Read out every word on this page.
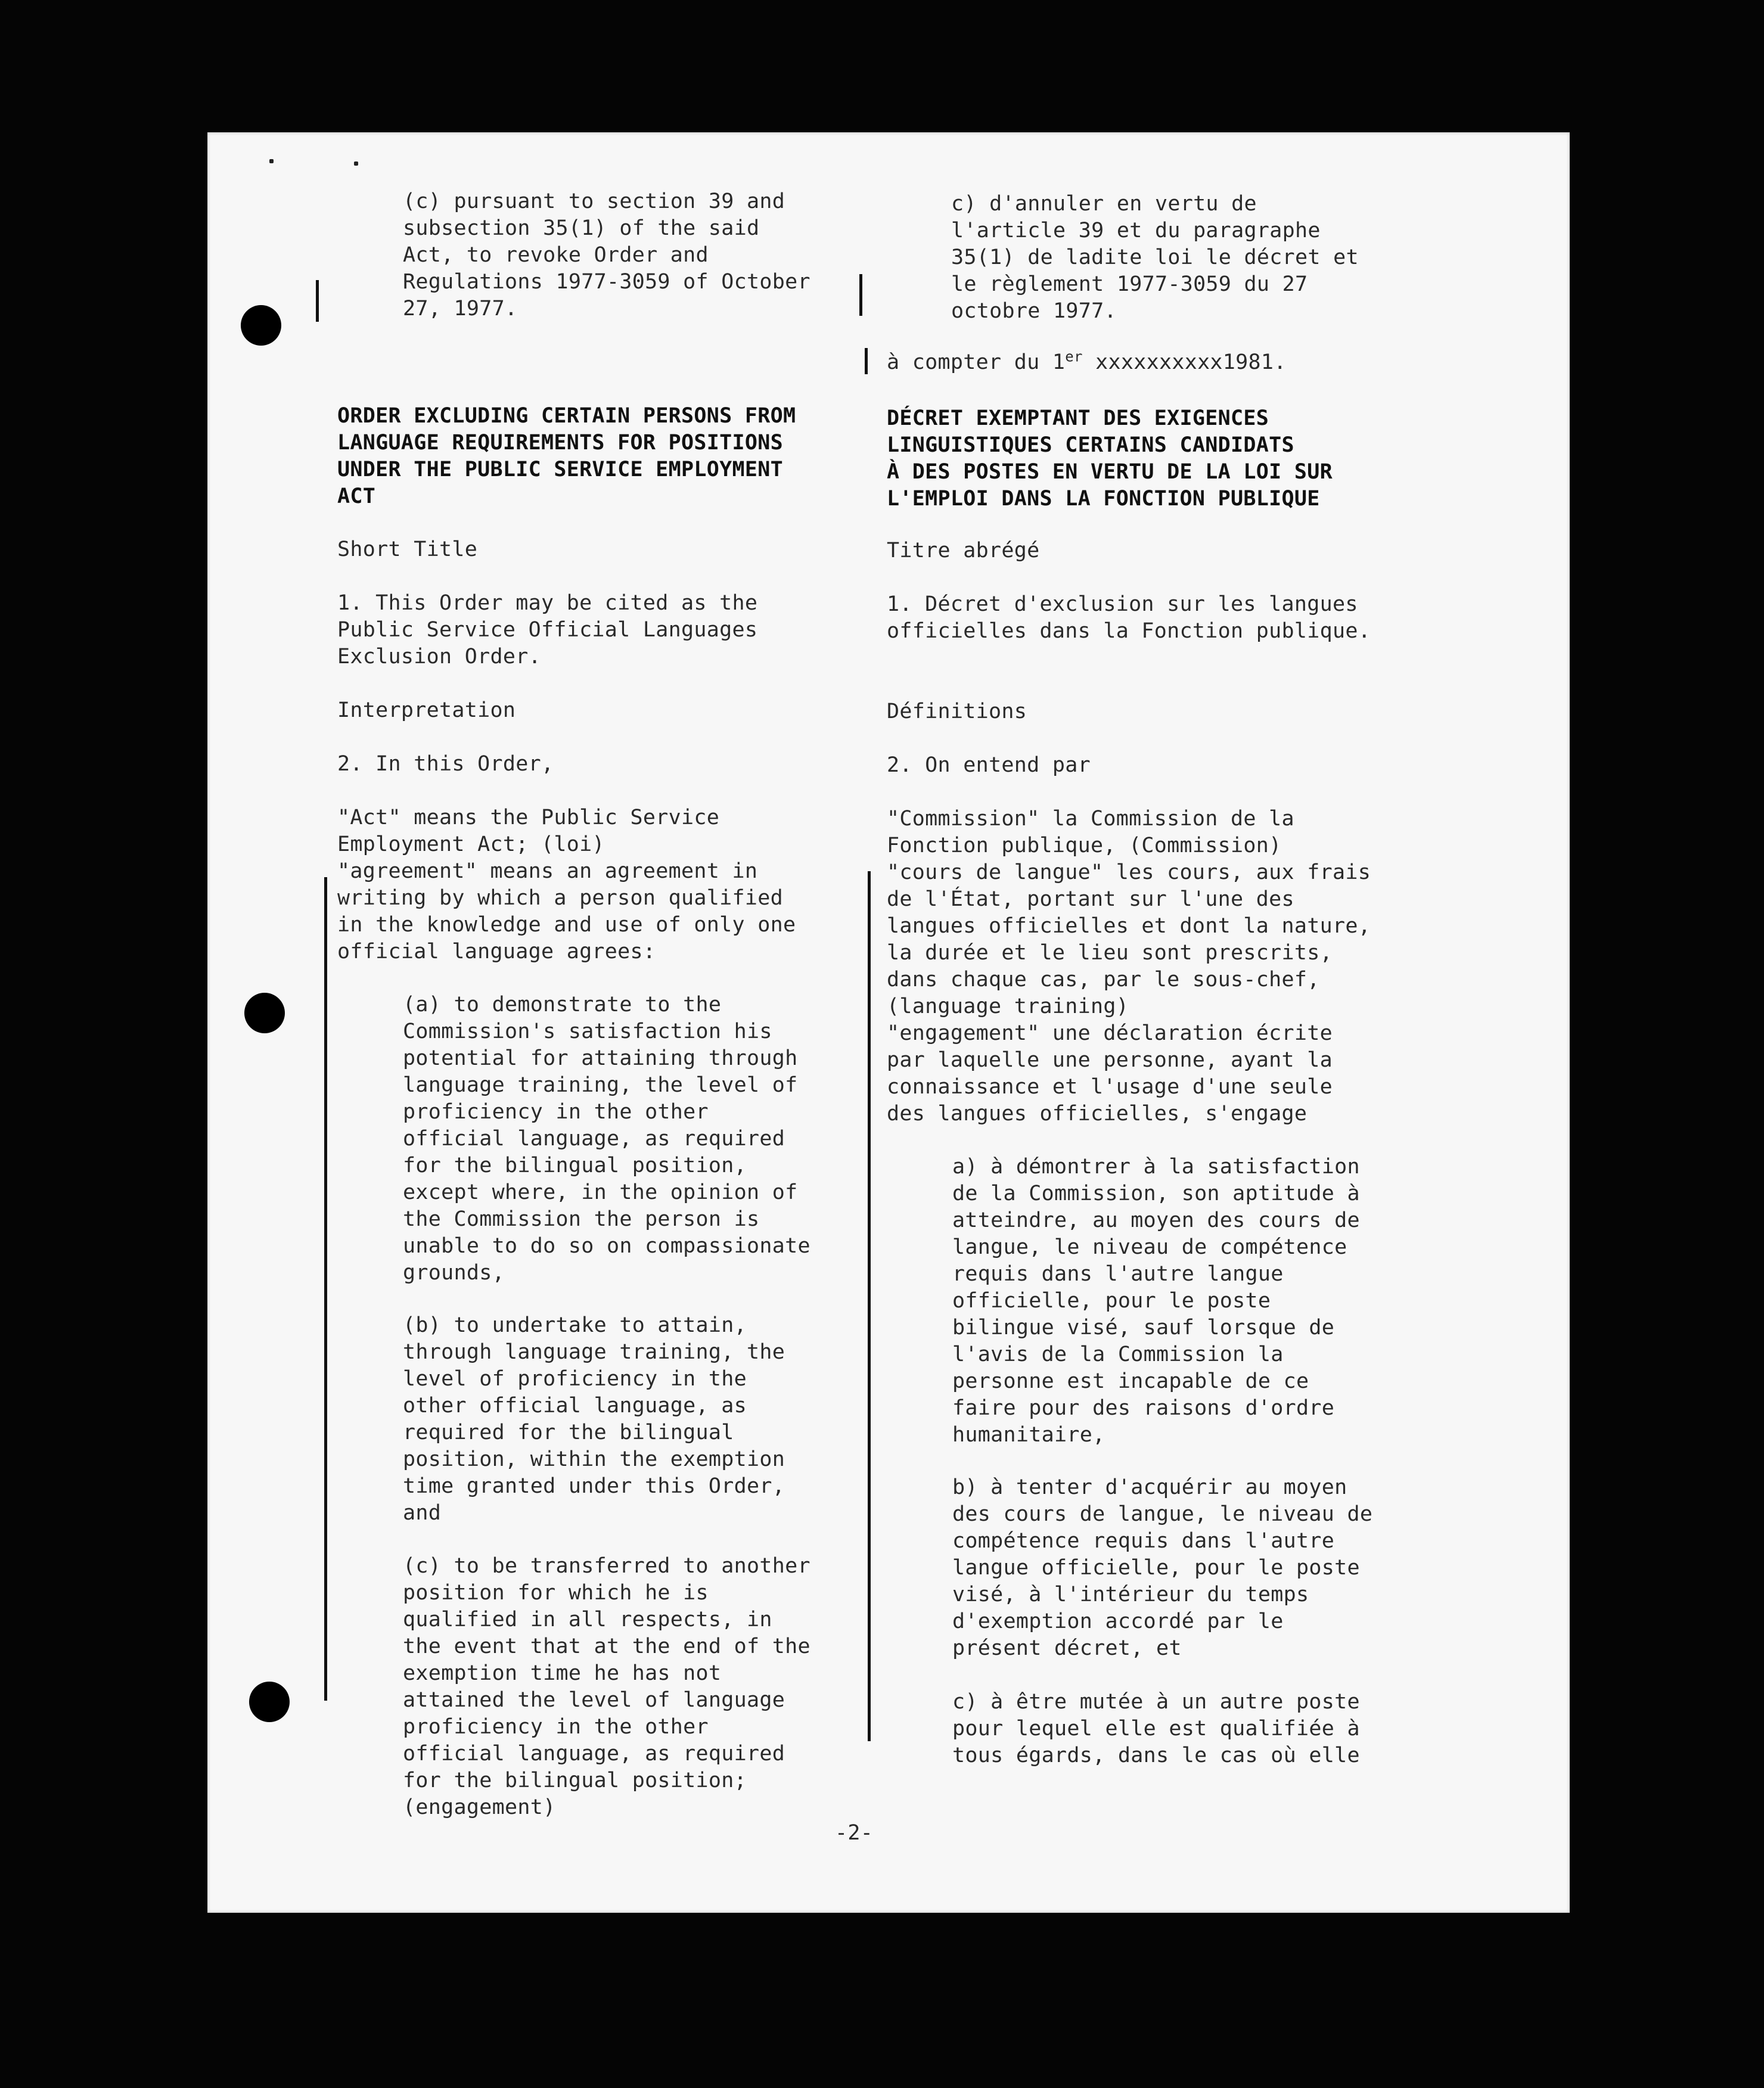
(c) pursuant to section 39 and
subsection 35(1) of the said
Act, to revoke Order and
Regulations 1977-3059 of October
27, 1977.
ORDER EXCLUDING CERTAIN PERSONS FROM
LANGUAGE REQUIREMENTS FOR POSITIONS
UNDER THE PUBLIC SERVICE EMPLOYMENT
ACT
Short Title
1. This Order may be cited as the
Public Service Official Languages
Exclusion Order.
Interpretation
2. In this Order,
"Act" means the Public Service
Employment Act; (loi)
"agreement" means an agreement in
writing by which a person qualified
in the knowledge and use of only one
official language agrees:
(a) to demonstrate to the
Commission's satisfaction his
potential for attaining through
language training, the level of
proficiency in the other
official language, as required
for the bilingual position,
except where, in the opinion of
the Commission the person is
unable to do so on compassionate
grounds,
(b) to undertake to attain,
through language training, the
level of proficiency in the
other official language, as
required for the bilingual
position, within the exemption
time granted under this Order,
and
(c) to be transferred to another
position for which he is
qualified in all respects, in
the event that at the end of the
exemption time he has not
attained the level of language
proficiency in the other
official language, as required
for the bilingual position;
(engagement)
c) d'annuler en vertu de
l'article 39 et du paragraphe
35(1) de ladite loi le décret et
le règlement 1977-3059 du 27
octobre 1977.
à compter du 1er xxxxxxxxxx1981.
DÉCRET EXEMPTANT DES EXIGENCES
LINGUISTIQUES CERTAINS CANDIDATS
À DES POSTES EN VERTU DE LA LOI SUR
L'EMPLOI DANS LA FONCTION PUBLIQUE
Titre abrégé
1. Décret d'exclusion sur les langues
officielles dans la Fonction publique.
Définitions
2. On entend par
"Commission" la Commission de la
Fonction publique, (Commission)
"cours de langue" les cours, aux frais
de l'État, portant sur l'une des
langues officielles et dont la nature,
la durée et le lieu sont prescrits,
dans chaque cas, par le sous-chef,
(language training)
"engagement" une déclaration écrite
par laquelle une personne, ayant la
connaissance et l'usage d'une seule
des langues officielles, s'engage
a) à démontrer à la satisfaction
de la Commission, son aptitude à
atteindre, au moyen des cours de
langue, le niveau de compétence
requis dans l'autre langue
officielle, pour le poste
bilingue visé, sauf lorsque de
l'avis de la Commission la
personne est incapable de ce
faire pour des raisons d'ordre
humanitaire,
b) à tenter d'acquérir au moyen
des cours de langue, le niveau de
compétence requis dans l'autre
langue officielle, pour le poste
visé, à l'intérieur du temps
d'exemption accordé par le
présent décret, et
c) à être mutée à un autre poste
pour lequel elle est qualifiée à
tous égards, dans le cas où elle
-2-
